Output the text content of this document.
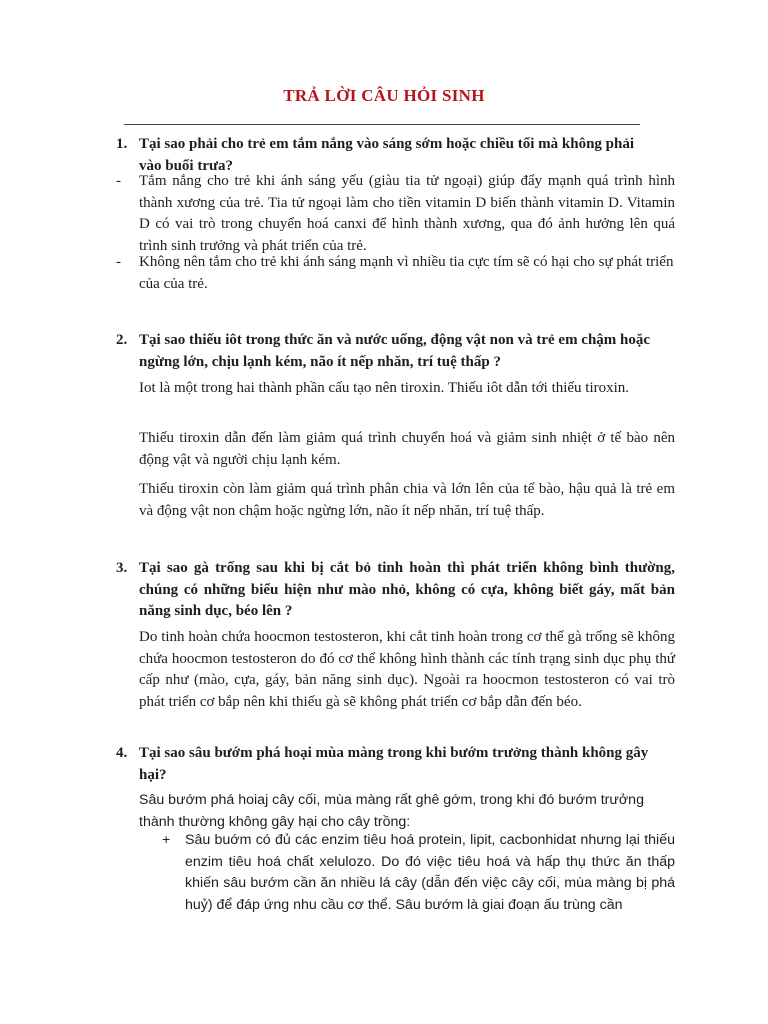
TRẢ LỜI CÂU HỎI SINH
1. Tại sao phải cho trẻ em tắm nắng vào sáng sớm hoặc chiều tối mà không phải vào buổi trưa?
- Tắm nắng cho trẻ khi ánh sáng yếu (giàu tia tử ngoại) giúp đẩy mạnh quá trình hình thành xương của trẻ. Tia tử ngoại làm cho tiền vitamin D biến thành vitamin D. Vitamin D có vai trò trong chuyển hoá canxi để hình thành xương, qua đó ảnh hưởng lên quá trình sinh trưởng và phát triển của trẻ.
- Không nên tắm cho trẻ khi ánh sáng mạnh vì nhiều tia cực tím sẽ có hại cho sự phát triển của của trẻ.
2. Tại sao thiếu iôt trong thức ăn và nước uống, động vật non và trẻ em chậm hoặc ngừng lớn, chịu lạnh kém, não ít nếp nhăn, trí tuệ thấp ?
Iot là một trong hai thành phần cấu tạo nên tiroxin. Thiếu iôt dẫn tới thiếu tiroxin.
Thiếu tiroxin dẫn đến làm giảm quá trình chuyển hoá và giảm sinh nhiệt ở tế bào nên động vật và người chịu lạnh kém.
Thiếu tiroxin còn làm giảm quá trình phân chia và lớn lên của tế bào, hậu quả là trẻ em và động vật non chậm hoặc ngừng lớn, não ít nếp nhăn, trí tuệ thấp.
3. Tại sao gà trống sau khi bị cắt bỏ tinh hoàn thì phát triển không bình thường, chúng có những biểu hiện như mào nhỏ, không có cựa, không biết gáy, mất bản năng sinh dục, béo lên ?
Do tinh hoàn chứa hoocmon testosteron, khi cắt tinh hoàn trong cơ thể gà trống sẽ không chứa hoocmon testosteron do đó cơ thể không hình thành các tính trạng sinh dục phụ thứ cấp như (mào, cựa, gáy, bản năng sinh dục). Ngoài ra hoocmon testosteron có vai trò phát triển cơ bắp nên khi thiếu gà sẽ không phát triển cơ bắp dẫn đến béo.
4. Tại sao sâu bướm phá hoại mùa màng trong khi bướm trưởng thành không gây hại?
Sâu bướm phá hoiaj cây cối, mùa màng rất ghê gớm, trong khi đó bướm trưởng thành thường không gây hại cho cây trồng:
+ Sâu buớm có đủ các enzim tiêu hoá protein, lipit, cacbonhidat nhưng lại thiếu enzim tiêu hoá chất xelulozo. Do đó việc tiêu hoá và hấp thụ thức ăn thấp khiến sâu bướm cần ăn nhiều lá cây (dẫn đến việc cây cối, mùa màng bị phá huỷ) để đáp ứng nhu cầu cơ thể. Sâu bướm là giai đoạn ấu trùng cần
